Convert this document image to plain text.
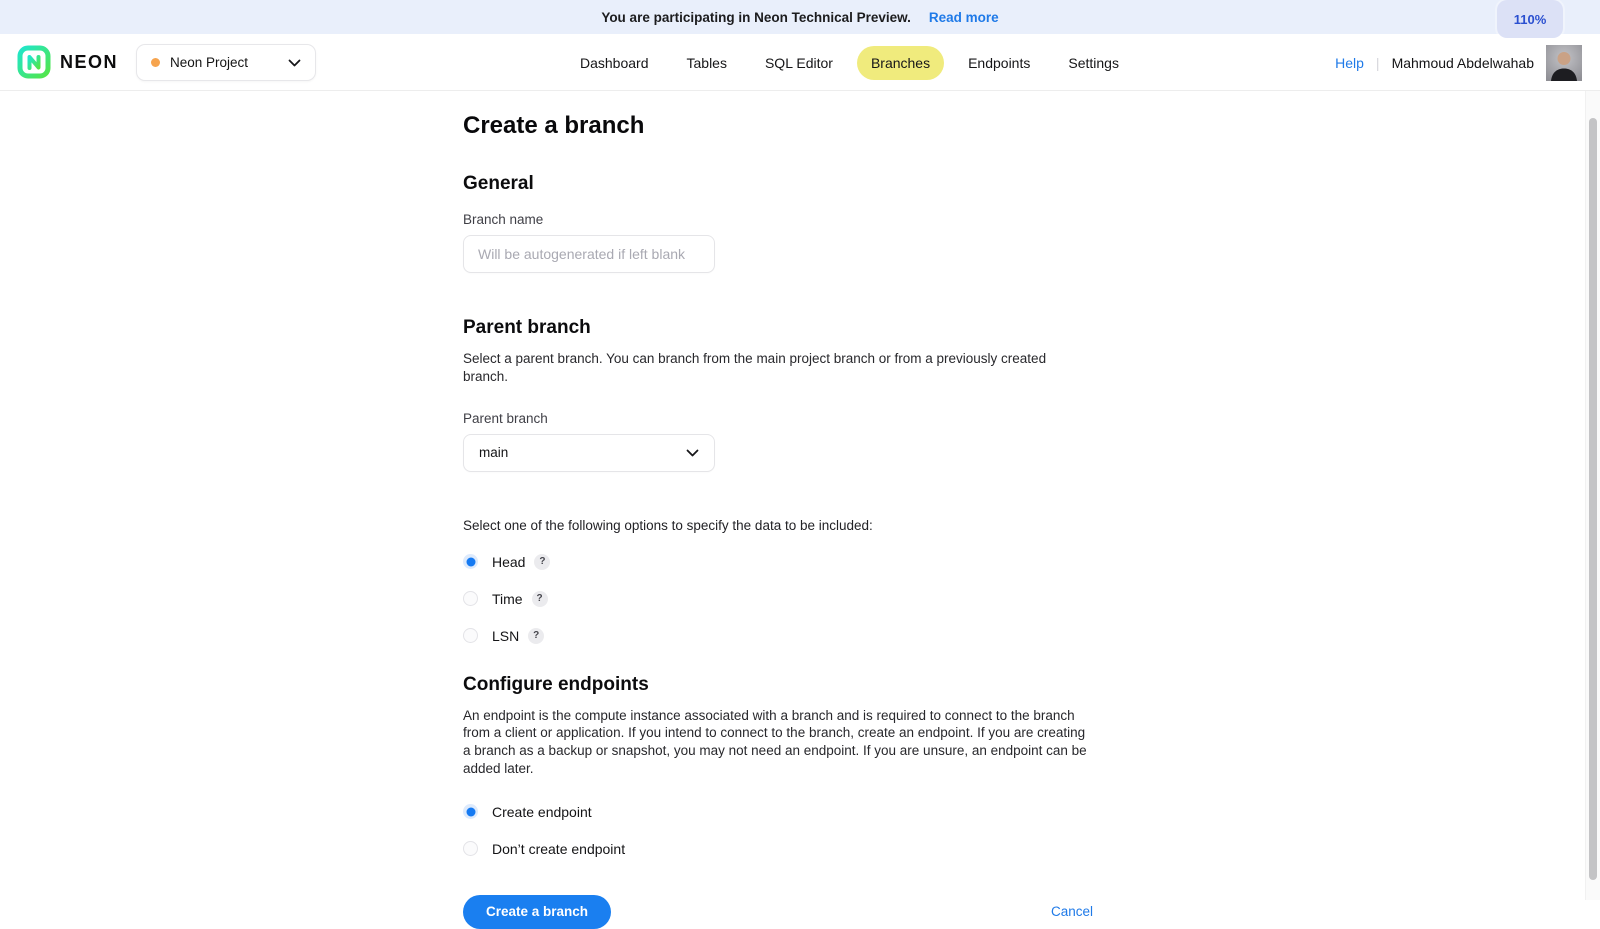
You are participating in Neon Technical Preview. Read more	110%
NEON	Neon Project	Dashboard	Tables	SQL Editor	Branches	Endpoints	Settings	Help | Mahmoud Abdelwahab
Create a branch
General
Branch name
Will be autogenerated if left blank
Parent branch

Select a parent branch. You can branch from the main project branch or from a previously created branch.

Parent branch
main

Select one of the following options to specify the data to be included:

Head	?
Time	?
LSN	?
Configure endpoints

An endpoint is the compute instance associated with a branch and is required to connect to the branch from a client or application. If you intend to connect to the branch, create an endpoint. If you are creating a branch as a backup or snapshot, you may not need an endpoint. If you are unsure, an endpoint can be added later.

Create endpoint
Don’t create endpoint
Create a branch	Cancel
